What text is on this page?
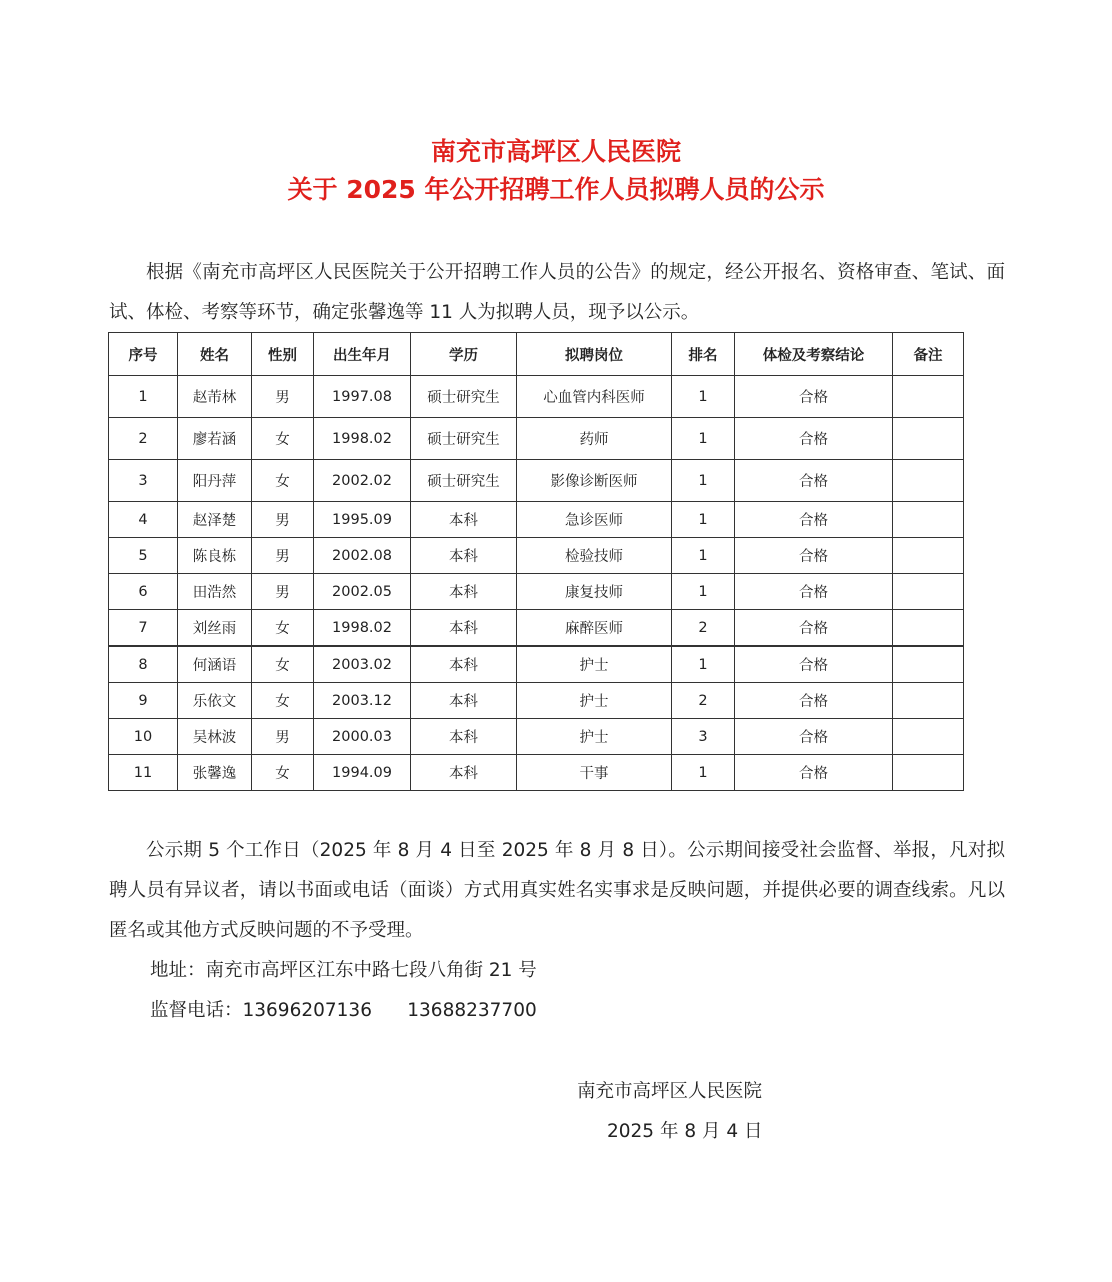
南充市高坪区人民医院
关于 2025 年公开招聘工作人员拟聘人员的公示

根据《南充市高坪区人民医院关于公开招聘工作人员的公告》的规定，经公开报名、资格审查、笔试、面试、体检、考察等环节，确定张馨逸等 11 人为拟聘人员，现予以公示。

序号	姓名	性别	出生年月	学历	拟聘岗位	排名	体检及考察结论	备注
1	赵芾林	男	1997.08	硕士研究生	心血管内科医师	1	合格	
2	廖若涵	女	1998.02	硕士研究生	药师	1	合格	
3	阳丹萍	女	2002.02	硕士研究生	影像诊断医师	1	合格	
4	赵泽楚	男	1995.09	本科	急诊医师	1	合格	
5	陈良栋	男	2002.08	本科	检验技师	1	合格	
6	田浩然	男	2002.05	本科	康复技师	1	合格	
7	刘丝雨	女	1998.02	本科	麻醉医师	2	合格	
8	何涵语	女	2003.02	本科	护士	1	合格	
9	乐依文	女	2003.12	本科	护士	2	合格	
10	吴林波	男	2000.03	本科	护士	3	合格	
11	张馨逸	女	1994.09	本科	干事	1	合格	

公示期 5 个工作日（2025 年 8 月 4 日至 2025 年 8 月 8 日）。公示期间接受社会监督、举报，凡对拟聘人员有异议者，请以书面或电话（面谈）方式用真实姓名实事求是反映问题，并提供必要的调查线索。凡以匿名或其他方式反映问题的不予受理。

地址：南充市高坪区江东中路七段八角街 21 号
监督电话：13696207136      13688237700
南充市高坪区人民医院
2025 年 8 月 4 日
